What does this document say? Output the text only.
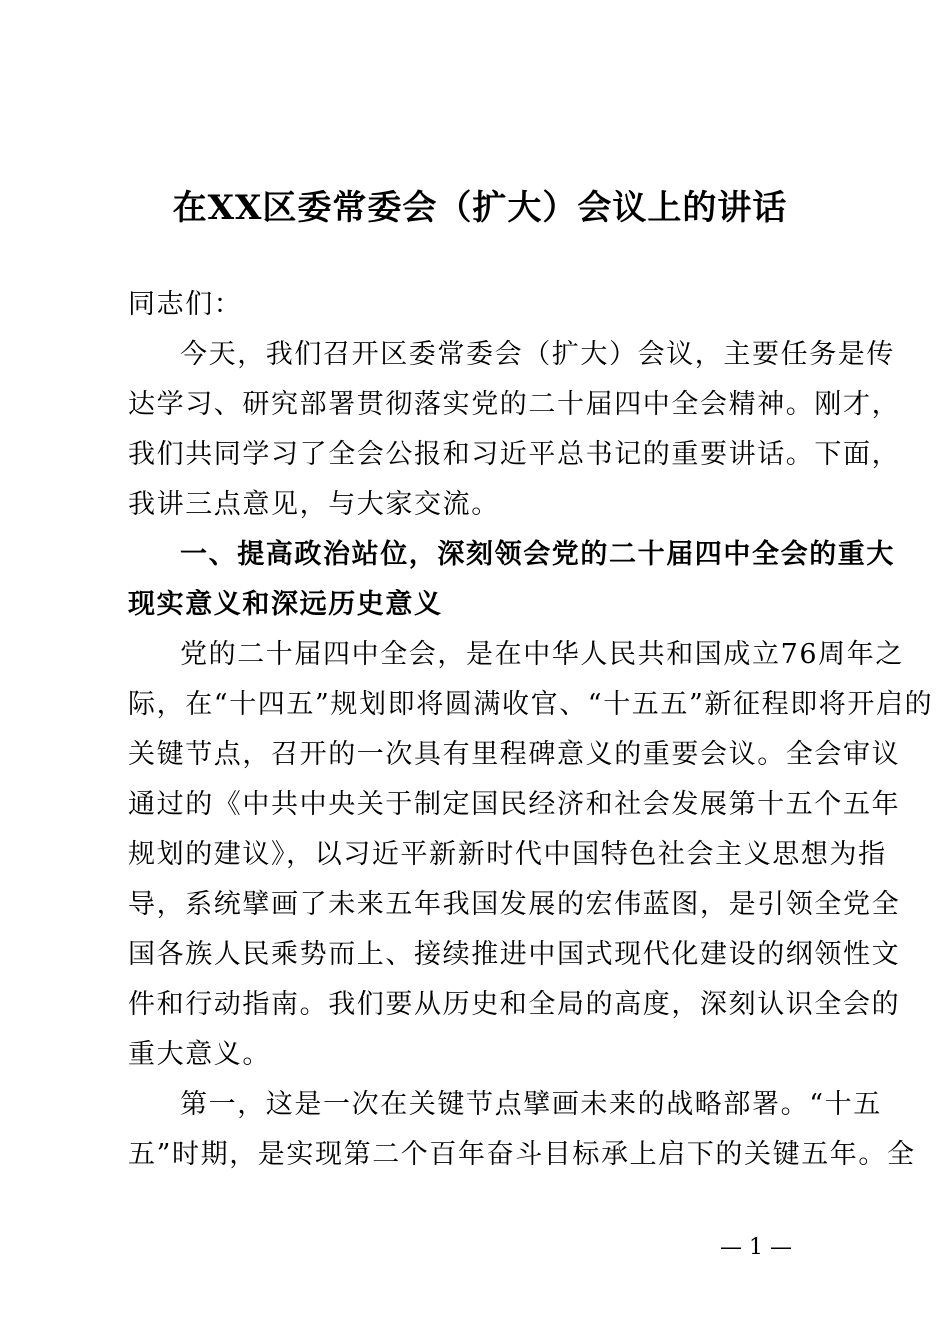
在XX区委常委会（扩大）会议上的讲话
同志们：
今天，我们召开区委常委会（扩大）会议，主要任务是传
达学习、研究部署贯彻落实党的二十届四中全会精神。刚才，
我们共同学习了全会公报和习近平总书记的重要讲话。下面，
我讲三点意见，与大家交流。
一、提高政治站位，深刻领会党的二十届四中全会的重大
现实意义和深远历史意义
党的二十届四中全会，是在中华人民共和国成立76周年之
际，在“十四五”规划即将圆满收官、“十五五”新征程即将开启的
关键节点，召开的一次具有里程碑意义的重要会议。全会审议
通过的《中共中央关于制定国民经济和社会发展第十五个五年
规划的建议》，以习近平新新时代中国特色社会主义思想为指
导，系统擘画了未来五年我国发展的宏伟蓝图，是引领全党全
国各族人民乘势而上、接续推进中国式现代化建设的纲领性文
件和行动指南。我们要从历史和全局的高度，深刻认识全会的
重大意义。
第一，这是一次在关键节点擘画未来的战略部署。“十五
五”时期，是实现第二个百年奋斗目标承上启下的关键五年。全
— 1 —
